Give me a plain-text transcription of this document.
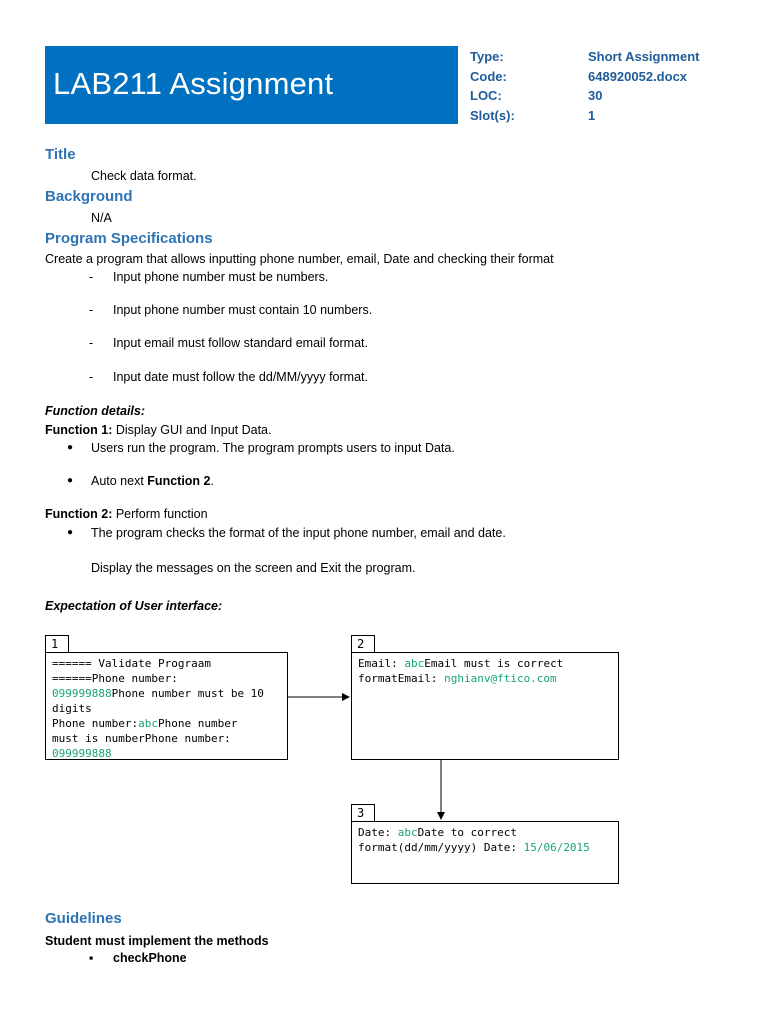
LAB211 Assignment
Type:	Short Assignment
Code:	648920052.docx
LOC:	30
Slot(s):	1
Title
Check data format.
Background
N/A
Program Specifications
Create a program that allows inputting phone number, email, Date and checking their format
- Input phone number must be numbers.
- Input phone number must contain 10 numbers.
- Input email must follow standard email format.
- Input date must follow the dd/MM/yyyy format.
Function details:
Function 1: Display GUI and Input Data.
● Users run the program. The program prompts users to input Data.
● Auto next Function 2.
Function 2: Perform function
● The program checks the format of the input phone number, email and date.
Display the messages on the screen and Exit the program.
Expectation of User interface:
1
====== Validate Prograam
======Phone number:
099999888Phone number must be 10
digits
Phone number:abcPhone number
must is numberPhone number:
099999888
2
Email: abcEmail must is correct
formatEmail: nghianv@ftico.com
3
Date: abcDate to correct
format(dd/mm/yyyy) Date: 15/06/2015
Guidelines
Student must implement the methods
▪ checkPhone
